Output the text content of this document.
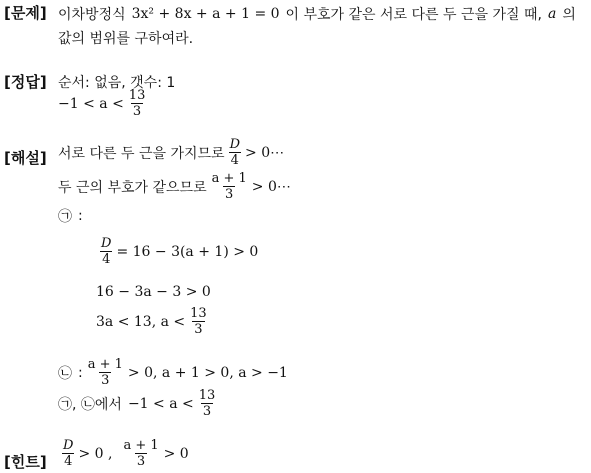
[문제] 이차방정식 3x² + 8x + a + 1 = 0 이 부호가 같은 서로 다른 두 근을 가질 때, a 의
값의 범위를 구하여라.
[정답] 순서: 없음, 갯수: 1
$-1 < a < \frac{13}{3}$
[해설] 서로 다른 두 근을 가지므로 $\frac{D}{4}$ > 0⋯
두 근의 부호가 같으므로 $\frac{a + 1}{3}$ > 0⋯
㉠ :
$\frac{D}{4} = 16 - 3(a + 1) > 0$
16 − 3a − 3 > 0
3a < 13, $a < \frac{13}{3}$
㉡ : $\frac{a + 1}{3} > 0$, a + 1 > 0, a > −1
㉠, ㉡에서 $-1 < a < \frac{13}{3}$
[힌트] $\frac{D}{4} > 0$ , $\frac{a + 1}{3} > 0$
